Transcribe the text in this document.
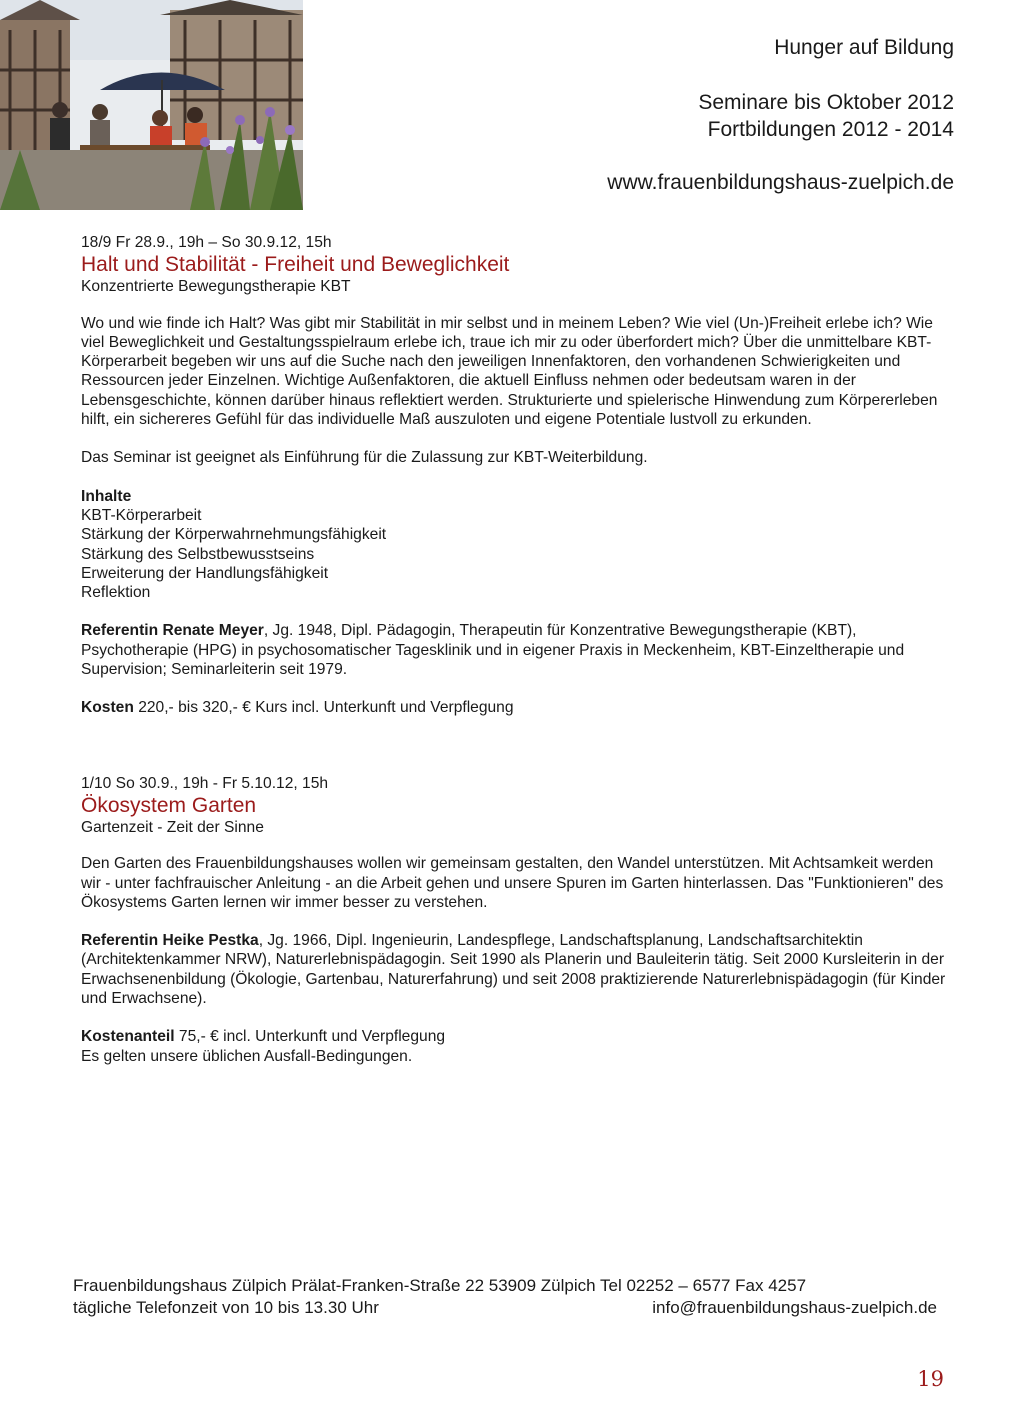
Hunger auf Bildung
Seminare bis Oktober 2012
Fortbildungen 2012 - 2014
www.frauenbildungshaus-zuelpich.de
18/9 Fr 28.9., 19h – So 30.9.12, 15h
Halt und Stabilität - Freiheit und Beweglichkeit
Konzentrierte Bewegungstherapie KBT

Wo und wie finde ich Halt? Was gibt mir Stabilität in mir selbst und in meinem Leben? Wie viel (Un-)Freiheit erlebe ich? Wie viel Beweglichkeit und Gestaltungsspielraum erlebe ich, traue ich mir zu oder überfordert mich? Über die unmittelbare KBT-Körperarbeit begeben wir uns auf die Suche nach den jeweiligen Innenfaktoren, den vorhandenen Schwierigkeiten und Ressourcen jeder Einzelnen. Wichtige Außenfaktoren, die aktuell Einfluss nehmen oder bedeutsam waren in der Lebensgeschichte, können darüber hinaus reflektiert werden. Strukturierte und spielerische Hinwendung zum Körpererleben hilft, ein sichereres Gefühl für das individuelle Maß auszuloten und eigene Potentiale lustvoll zu erkunden.

Das Seminar ist geeignet als Einführung für die Zulassung zur KBT-Weiterbildung.

Inhalte
KBT-Körperarbeit
Stärkung der Körperwahrnehmungsfähigkeit
Stärkung des Selbstbewusstseins
Erweiterung der Handlungsfähigkeit
Reflektion

Referentin Renate Meyer, Jg. 1948, Dipl. Pädagogin, Therapeutin für Konzentrative Bewegungstherapie (KBT), Psychotherapie (HPG) in psychosomatischer Tagesklinik und in eigener Praxis in Meckenheim, KBT-Einzeltherapie und Supervision; Seminarleiterin seit 1979.

Kosten 220,- bis 320,- € Kurs incl. Unterkunft und Verpflegung

1/10 So 30.9., 19h - Fr 5.10.12, 15h
Ökosystem Garten
Gartenzeit - Zeit der Sinne

Den Garten des Frauenbildungshauses wollen wir gemeinsam gestalten, den Wandel unterstützen. Mit Achtsamkeit werden wir - unter fachfrauischer Anleitung - an die Arbeit gehen und unsere Spuren im Garten hinterlassen. Das "Funktionieren" des Ökosystems Garten lernen wir immer besser zu verstehen.

Referentin Heike Pestka, Jg. 1966, Dipl. Ingenieurin, Landespflege, Landschaftsplanung, Landschaftsarchitektin (Architektenkammer NRW), Naturerlebnispädagogin. Seit 1990 als Planerin und Bauleiterin tätig. Seit 2000 Kursleiterin in der Erwachsenenbildung (Ökologie, Gartenbau, Naturerfahrung) und seit 2008 praktizierende Naturerlebnispädagogin (für Kinder und Erwachsene).

Kostenanteil 75,- € incl. Unterkunft und Verpflegung

Es gelten unsere üblichen Ausfall-Bedingungen.

Frauenbildungshaus Zülpich Prälat-Franken-Straße 22 53909 Zülpich Tel 02252 – 6577 Fax 4257
tägliche Telefonzeit von 10 bis 13.30 Uhr	info@frauenbildungshaus-zuelpich.de
19
